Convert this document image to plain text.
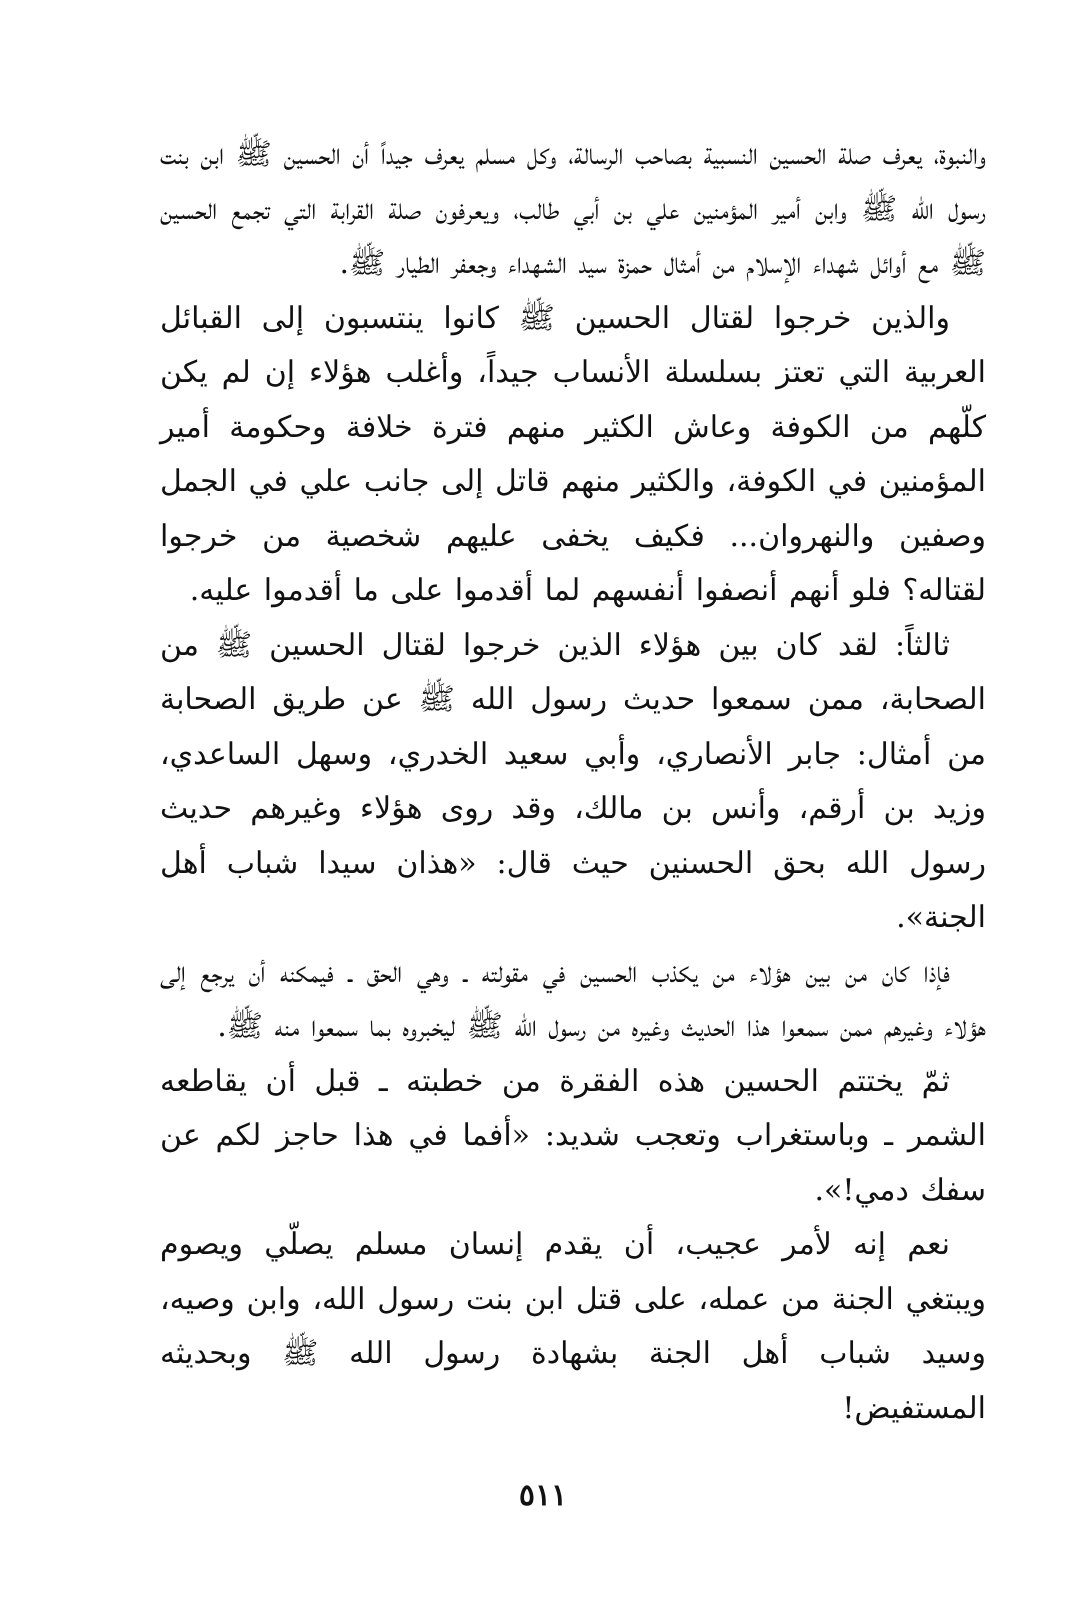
والنبوة، يعرف صلة الحسين النسبية بصاحب الرسالة، وكل مسلم يعرف جيداً أن الحسين ﷺ ابن بنت رسول الله ﷺ وابن أمير المؤمنين علي بن أبي طالب، ويعرفون صلة القرابة التي تجمع الحسين ﷺ مع أوائل شهداء الإسلام من أمثال حمزة سيد الشهداء وجعفر الطيار ﷺ.

والذين خرجوا لقتال الحسين ﷺ كانوا ينتسبون إلى القبائل العربية التي تعتز بسلسلة الأنساب جيداً، وأغلب هؤلاء إن لم يكن كلّهم من الكوفة وعاش الكثير منهم فترة خلافة وحكومة أمير المؤمنين في الكوفة، والكثير منهم قاتل إلى جانب علي في الجمل وصفين والنهروان... فكيف يخفى عليهم شخصية من خرجوا لقتاله؟ فلو أنهم أنصفوا أنفسهم لما أقدموا على ما أقدموا عليه.

ثالثاً: لقد كان بين هؤلاء الذين خرجوا لقتال الحسين ﷺ من الصحابة، ممن سمعوا حديث رسول الله ﷺ عن طريق الصحابة من أمثال: جابر الأنصاري، وأبي سعيد الخدري، وسهل الساعدي، وزيد بن أرقم، وأنس بن مالك، وقد روى هؤلاء وغيرهم حديث رسول الله بحق الحسنين حيث قال: «هذان سيدا شباب أهل الجنة».

فإذا كان من بين هؤلاء من يكذب الحسين في مقولته ـ وهي الحق ـ فيمكنه أن يرجع إلى هؤلاء وغيرهم ممن سمعوا هذا الحديث وغيره من رسول الله ﷺ ليخبروه بما سمعوا منه ﷺ.

ثمّ يختتم الحسين هذه الفقرة من خطبته ـ قبل أن يقاطعه الشمر ـ وباستغراب وتعجب شديد: «أفما في هذا حاجز لكم عن سفك دمي!».

نعم إنه لأمر عجيب، أن يقدم إنسان مسلم يصلّي ويصوم ويبتغي الجنة من عمله، على قتل ابن بنت رسول الله، وابن وصيه، وسيد شباب أهل الجنة بشهادة رسول الله ﷺ وبحديثه المستفيض!

٥١١
